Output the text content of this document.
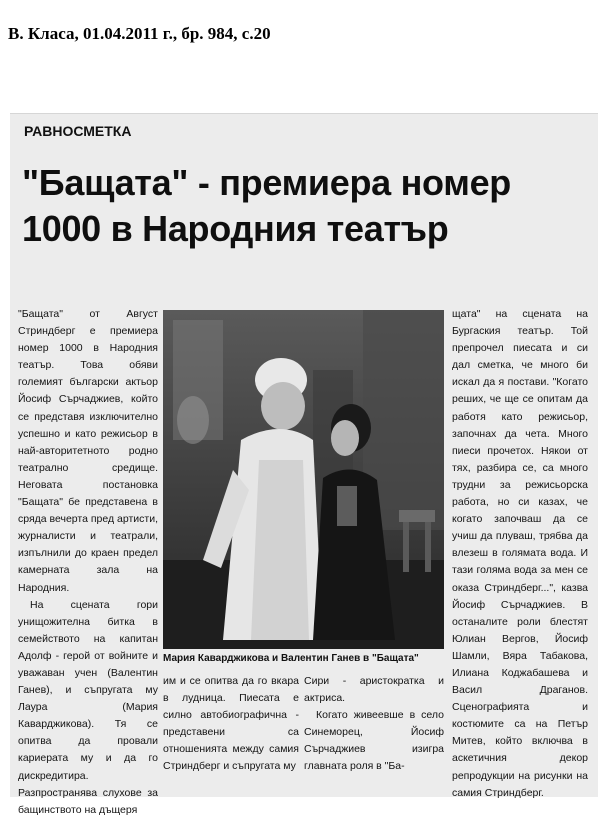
В. Класа, 01.04.2011 г., бр. 984, с.20
РАВНОСМЕТКА
"Бащата" - премиера номер
1000 в Народния театър

"Бащата" от Август Стриндберг е премиера номер 1000 в Народния театър. Това обяви големият български актьор Йосиф Сърчаджиев, който се представя изключително успешно и като режисьор в най-авторитетното родно театрално средище. Неговата постановка "Бащата" бе представена в сряда вечерта пред артисти, журналисти и театрали, изпълнили до краен предел камерната зала на Народния.

На сцената гори унищожителна битка в семейството на капитан Адолф - герой от войните и уважаван учен (Валентин Ганев), и съпругата му Лаура (Мария Каварджикова). Тя се опитва да провали кариерата му и да го дискредитира. Разпространява слухове за бащинството на дъщеря

Мария Каварджикова и Валентин Ганев в "Бащата"
им и се опитва да го вкара в лудница. Пиесата е силно автобиографична - представени са отношенията между самия Стриндберг и съпругата му

Сири - аристократка и актриса.

Когато живеевше в село Синеморец, Йосиф Сърчаджиев изигра главната роля в "Ба-

щата" на сцената на Бургаския театър. Той препрочел пиесата и си дал сметка, че много би искал да я постави. "Когато реших, че ще се опитам да работя като режисьор, започнах да чета. Много пиеси прочетох. Някои от тях, разбира се, са много трудни за режисьорска работа, но си казах, че когато започваш да се учиш да плуваш, трябва да влезеш в голямата вода. И тази голяма вода за мен се оказа Стриндберг...", казва Йосиф Сърчаджиев. В останалите роли блестят Юлиан Вергов, Йосиф Шамли, Вяра Табакова, Илиана Коджабашева и Васил Драганов. Сценографията и костюмите са на Петър Митев, който включва в аскетичния декор репродукции на рисунки на самия Стриндберг.
